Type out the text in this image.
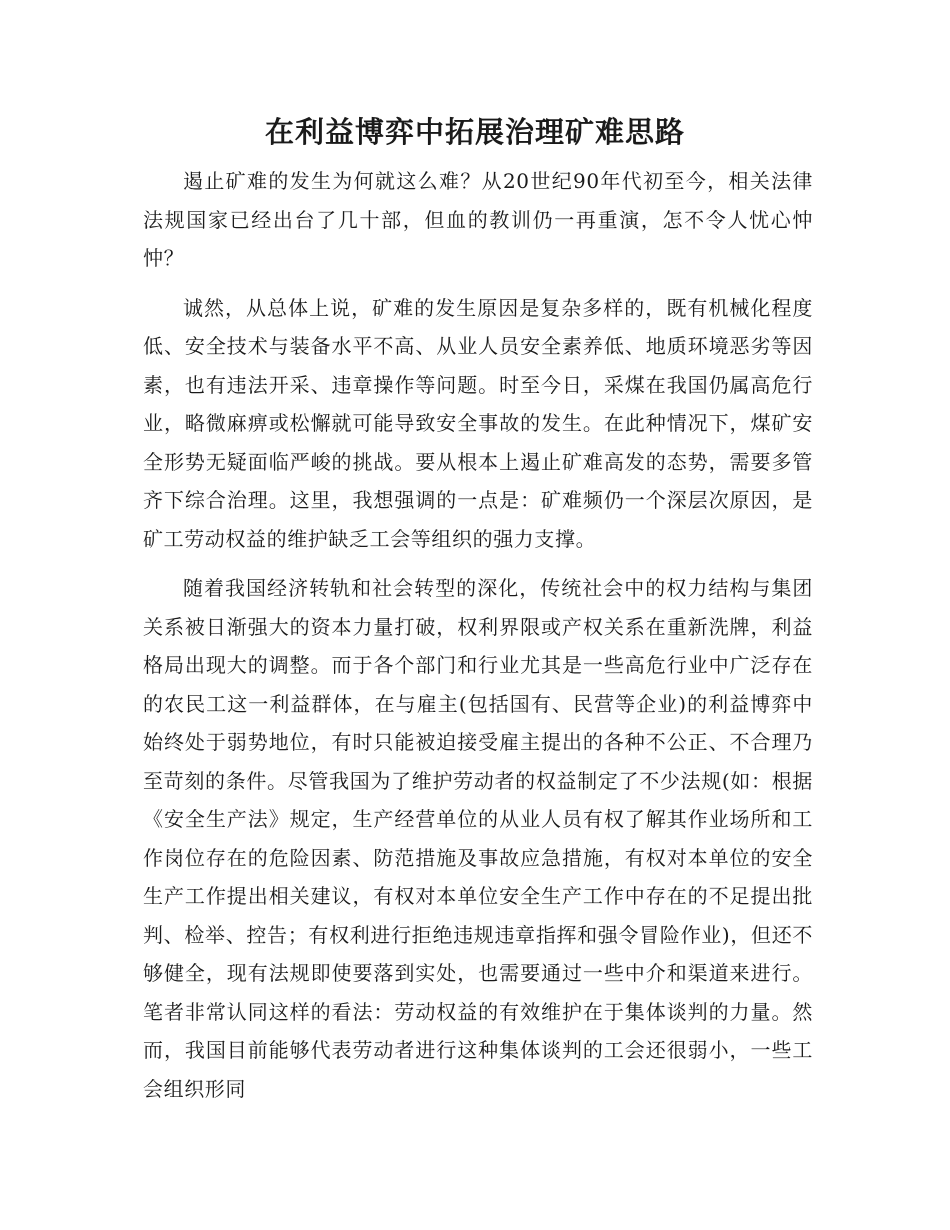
在利益博弈中拓展治理矿难思路

遏止矿难的发生为何就这么难？从20世纪90年代初至今，相关法律法规国家已经出台了几十部，但血的教训仍一再重演，怎不令人忧心忡忡？

诚然，从总体上说，矿难的发生原因是复杂多样的，既有机械化程度低、安全技术与装备水平不高、从业人员安全素养低、地质环境恶劣等因素，也有违法开采、违章操作等问题。时至今日，采煤在我国仍属高危行业，略微麻痹或松懈就可能导致安全事故的发生。在此种情况下，煤矿安全形势无疑面临严峻的挑战。要从根本上遏止矿难高发的态势，需要多管齐下综合治理。这里，我想强调的一点是：矿难频仍一个深层次原因，是矿工劳动权益的维护缺乏工会等组织的强力支撑。

随着我国经济转轨和社会转型的深化，传统社会中的权力结构与集团关系被日渐强大的资本力量打破，权利界限或产权关系在重新洗牌，利益格局出现大的调整。而于各个部门和行业尤其是一些高危行业中广泛存在的农民工这一利益群体，在与雇主(包括国有、民营等企业)的利益博弈中始终处于弱势地位，有时只能被迫接受雇主提出的各种不公正、不合理乃至苛刻的条件。尽管我国为了维护劳动者的权益制定了不少法规(如：根据《安全生产法》规定，生产经营单位的从业人员有权了解其作业场所和工作岗位存在的危险因素、防范措施及事故应急措施，有权对本单位的安全生产工作提出相关建议，有权对本单位安全生产工作中存在的不足提出批判、检举、控告；有权利进行拒绝违规违章指挥和强令冒险作业)，但还不够健全，现有法规即使要落到实处，也需要通过一些中介和渠道来进行。笔者非常认同这样的看法：劳动权益的有效维护在于集体谈判的力量。然而，我国目前能够代表劳动者进行这种集体谈判的工会还很弱小，一些工会组织形同
